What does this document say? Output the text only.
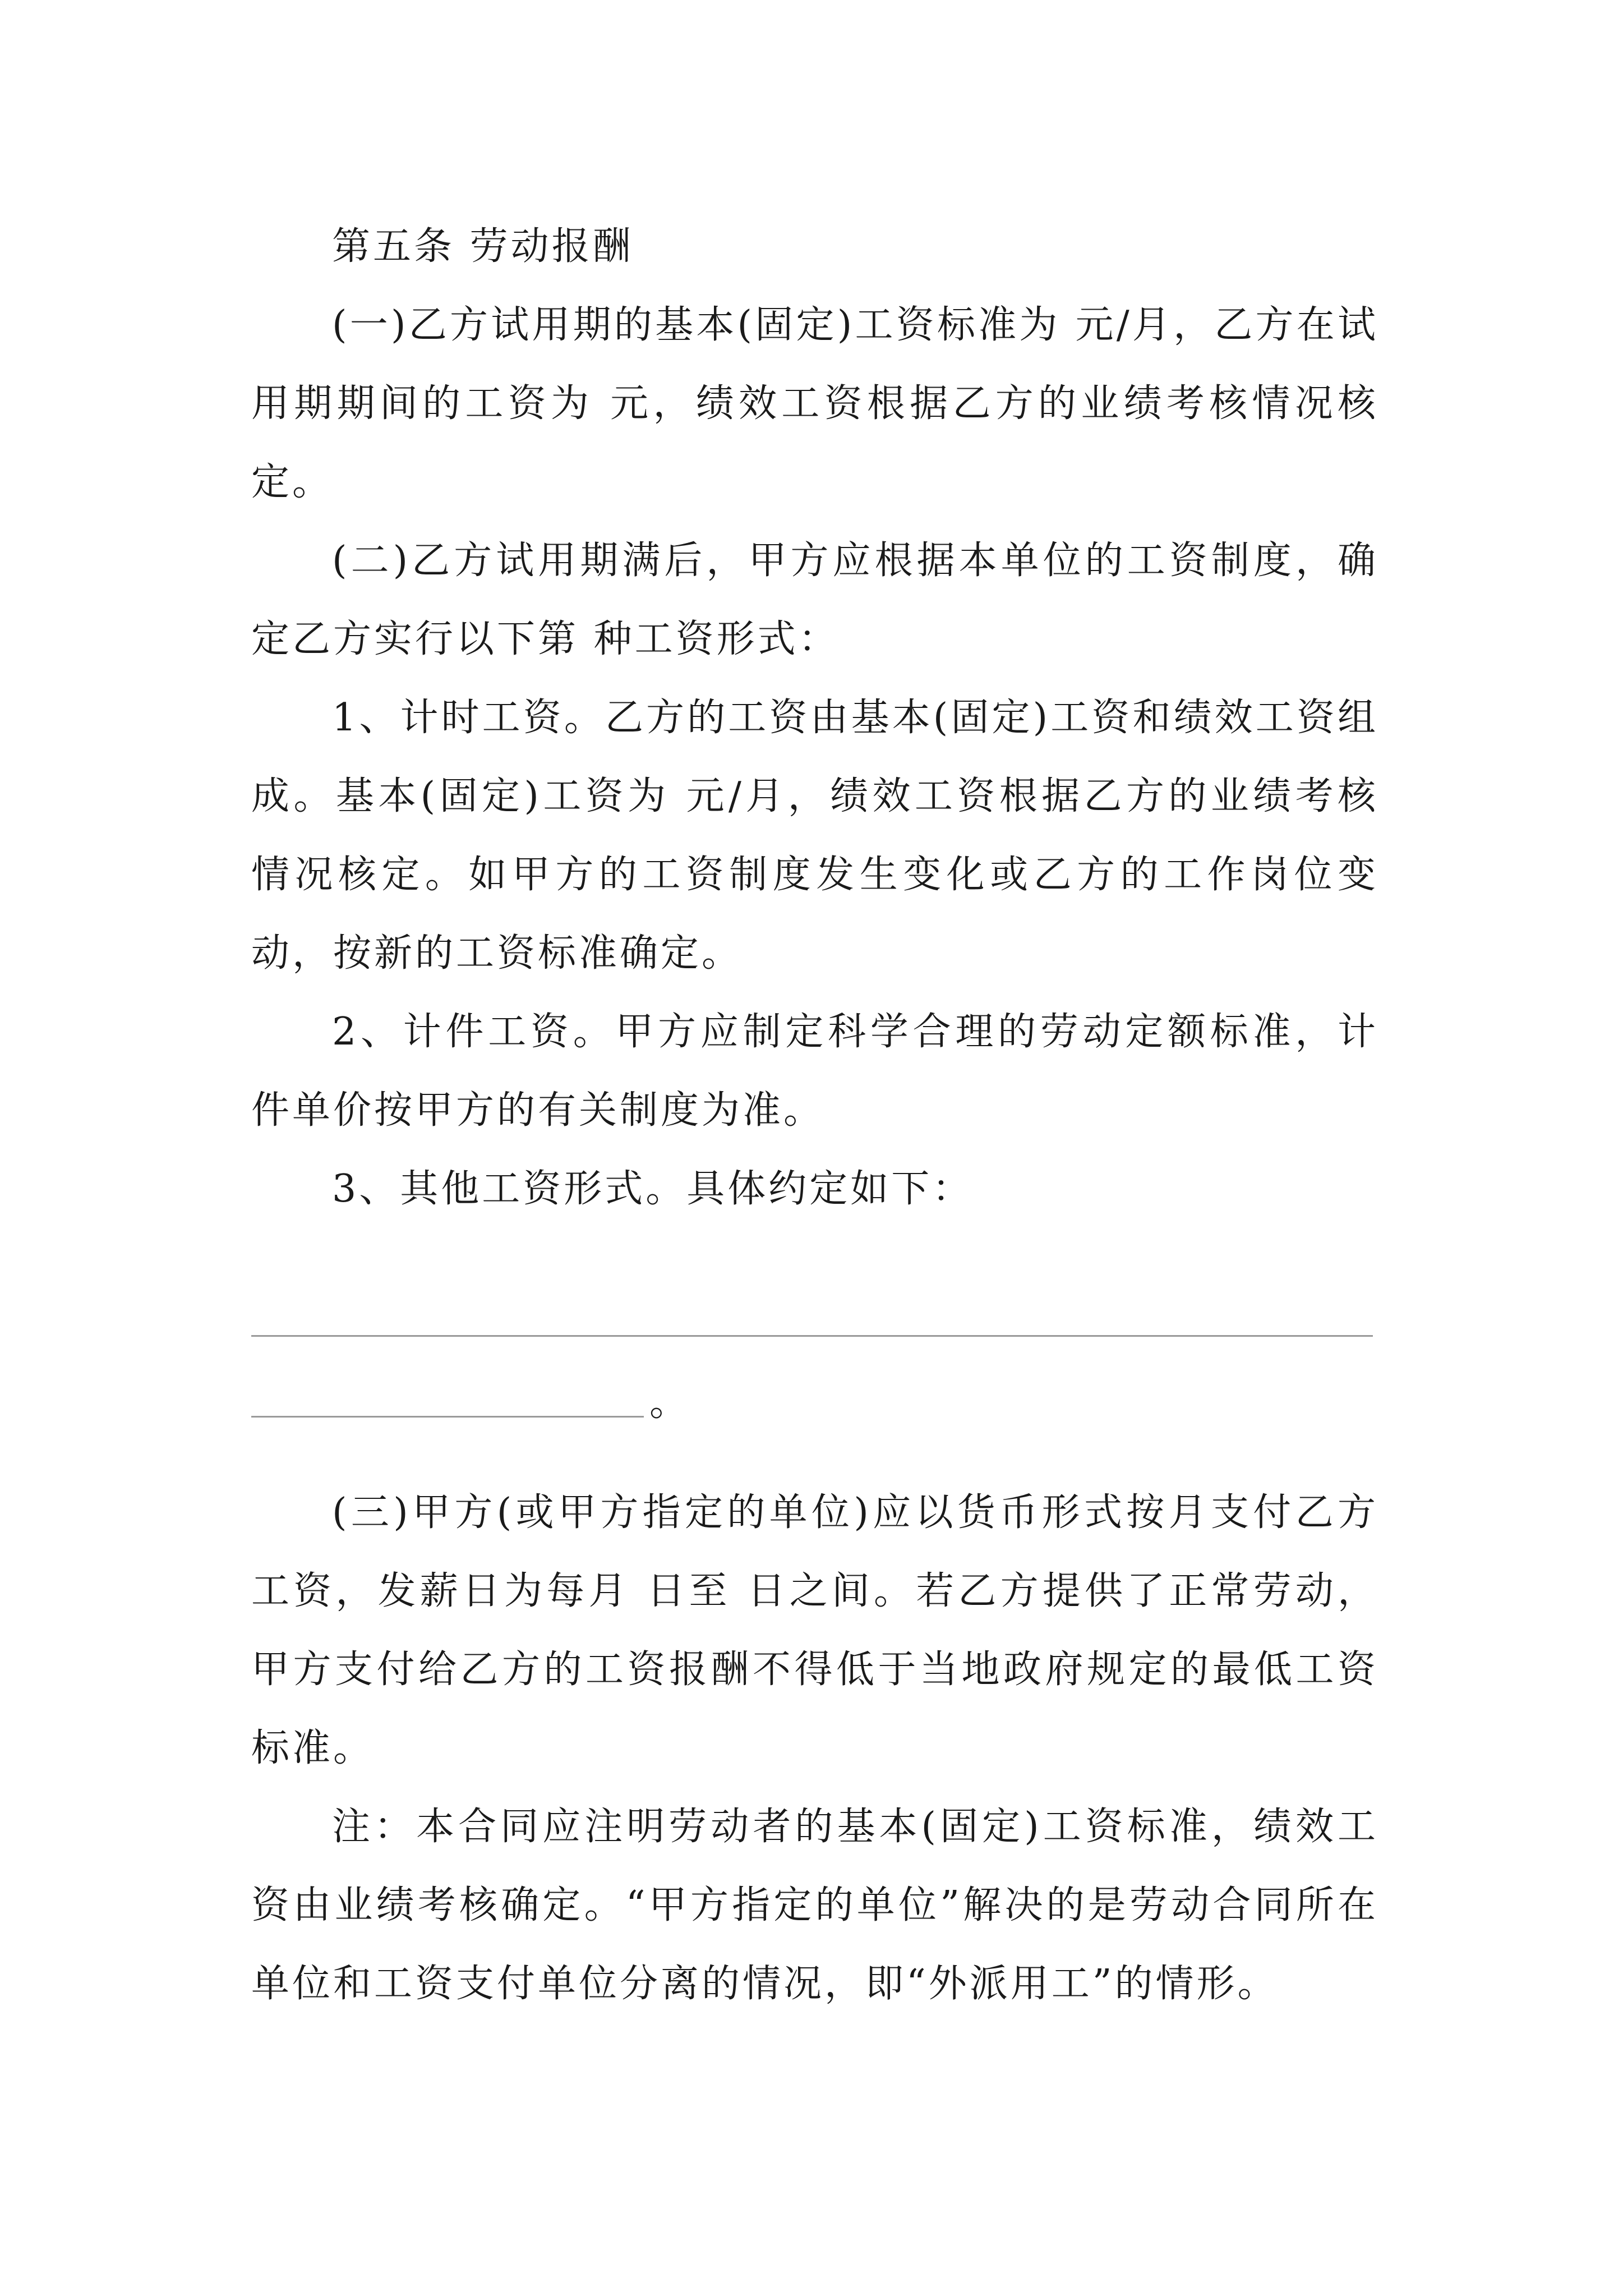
第五条 劳动报酬

(一)乙方试用期的基本(固定)工资标准为 元/月，乙方在试用期期间的工资为 元，绩效工资根据乙方的业绩考核情况核定。

(二)乙方试用期满后，甲方应根据本单位的工资制度，确定乙方实行以下第 种工资形式：

1、计时工资。乙方的工资由基本(固定)工资和绩效工资组成。基本(固定)工资为 元/月，绩效工资根据乙方的业绩考核情况核定。如甲方的工资制度发生变化或乙方的工作岗位变动，按新的工资标准确定。

2、计件工资。甲方应制定科学合理的劳动定额标准，计件单价按甲方的有关制度为准。

3、其他工资形式。具体约定如下：

。

(三)甲方(或甲方指定的单位)应以货币形式按月支付乙方工资，发薪日为每月 日至 日之间。若乙方提供了正常劳动，甲方支付给乙方的工资报酬不得低于当地政府规定的最低工资标准。

注：本合同应注明劳动者的基本(固定)工资标准，绩效工资由业绩考核确定。“甲方指定的单位”解决的是劳动合同所在单位和工资支付单位分离的情况，即“外派用工”的情形。
